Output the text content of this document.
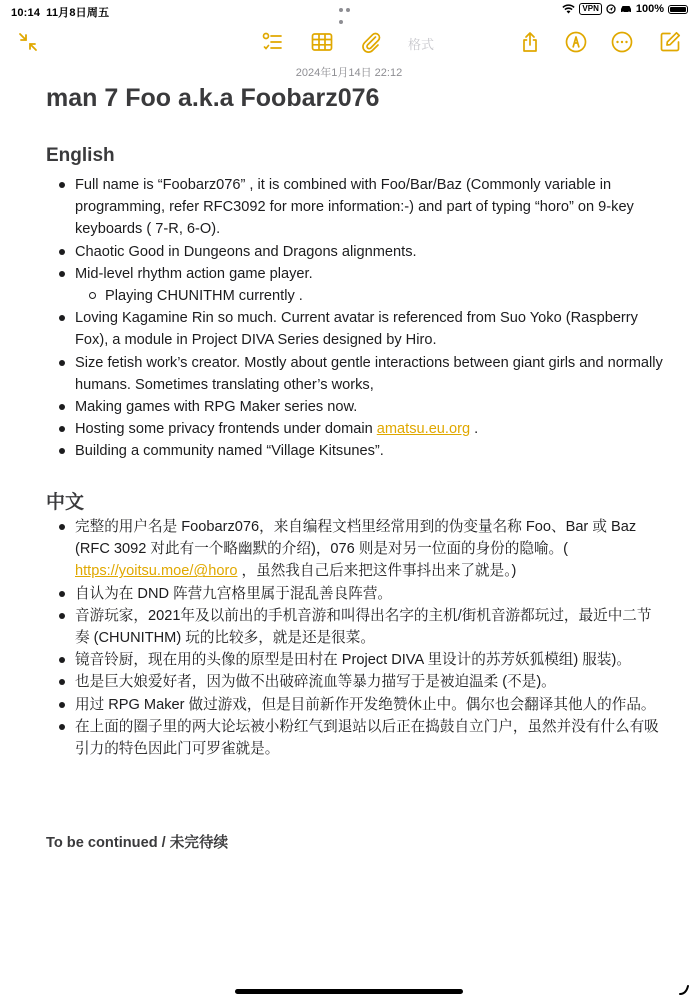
10:14 11月8日周五	VPN	100%
格式
2024年1月14日 22:12
man 7 Foo a.k.a Foobarz076
English
Full name is “Foobarz076” , it is combined with Foo/Bar/Baz (Commonly variable in programming, refer RFC3092 for more information:-) and part of typing “horo” on 9-key keyboards ( 7-R, 6-O).
Chaotic Good in Dungeons and Dragons alignments.
Mid-level rhythm action game player.
Playing CHUNITHM currently .
Loving Kagamine Rin so much. Current avatar is referenced from Suo Yoko (Raspberry Fox), a module in Project DIVA Series designed by Hiro.
Size fetish work’s creator. Mostly about gentle interactions between giant girls and normally humans. Sometimes translating other’s works,
Making games with RPG Maker series now.
Hosting some privacy frontends under domain amatsu.eu.org .
Building a community named “Village Kitsunes”.
中文
完整的用户名是 Foobarz076，来自编程文档里经常用到的伪变量名称 Foo、Bar 或 Baz (RFC 3092 对此有一个略幽默的介绍)，076 则是对另一位面的身份的隐喻。( https://yoitsu.moe/@horo ，虽然我自己后来把这件事抖出来了就是。)
自认为在 DND 阵营九宫格里属于混乱善良阵营。
音游玩家，2021年及以前出的手机音游和叫得出名字的主机/街机音游都玩过，最近中二节奏 (CHUNITHM) 玩的比较多，就是还是很菜。
镜音铃厨，现在用的头像的原型是田村在 Project DIVA 里设计的苏芳妖狐模组) 服装)。
也是巨大娘爱好者，因为做不出破碎流血等暴力描写于是被迫温柔 (不是)。
用过 RPG Maker 做过游戏，但是目前新作开发绝赞休止中。偶尔也会翻译其他人的作品。
在上面的圈子里的两大论坛被小粉红气到退站以后正在捣鼓自立门户，虽然并没有什么有吸引力的特色因此门可罗雀就是。
To be continued / 未完待续
